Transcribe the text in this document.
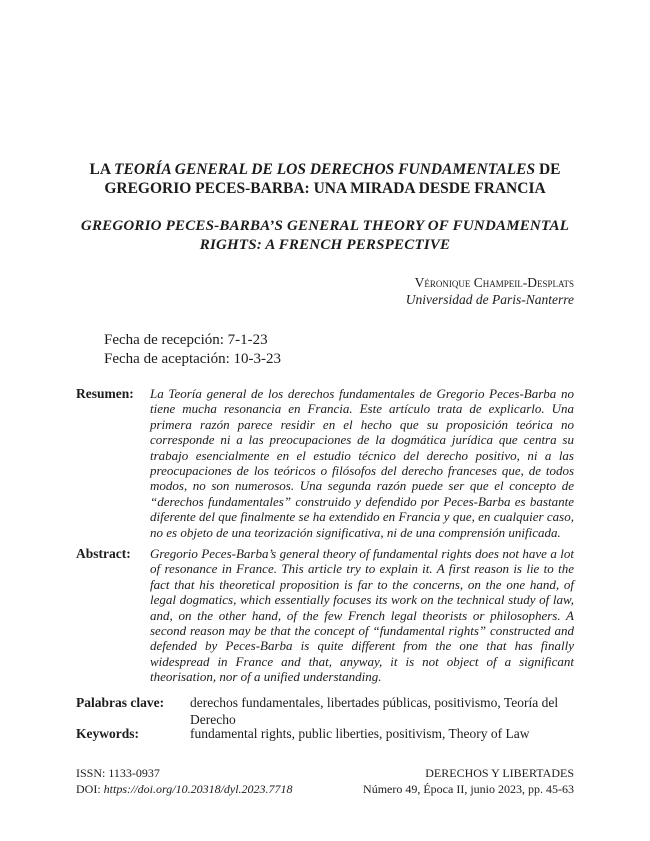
LA TEORÍA GENERAL DE LOS DERECHOS FUNDAMENTALES DE
GREGORIO PECES-BARBA: UNA MIRADA DESDE FRANCIA
GREGORIO PECES-BARBA’S GENERAL THEORY OF FUNDAMENTAL
RIGHTS: A FRENCH PERSPECTIVE
Véronique Champeil-Desplats
Universidad de Paris-Nanterre
Fecha de recepción: 7-1-23
Fecha de aceptación: 10-3-23
Resumen: La Teoría general de los derechos fundamentales de Gregorio Peces-Barba no tiene mucha resonancia en Francia. Este artículo trata de explicarlo. Una primera razón parece residir en el hecho que su proposición teórica no corresponde ni a las preocupaciones de la dogmática jurídica que centra su trabajo esencialmente en el estudio técnico del derecho positivo, ni a las preocupaciones de los teóricos o filósofos del derecho franceses que, de todos modos, no son numerosos. Una segunda razón puede ser que el concepto de “derechos fundamentales” construido y defendido por Peces-Barba es bastante diferente del que finalmente se ha extendido en Francia y que, en cualquier caso, no es objeto de una teorización significativa, ni de una comprensión unificada.

Abstract: Gregorio Peces-Barba’s general theory of fundamental rights does not have a lot of resonance in France. This article try to explain it. A first reason is lie to the fact that his theoretical proposition is far to the concerns, on the one hand, of legal dogmatics, which essentially focuses its work on the technical study of law, and, on the other hand, of the few French legal theorists or philosophers. A second reason may be that the concept of “fundamental rights” constructed and defended by Peces-Barba is quite different from the one that has finally widespread in France and that, anyway, it is not object of a significant theorisation, nor of a unified understanding.

Palabras clave: derechos fundamentales, libertades públicas, positivismo, Teoría del Derecho
Keywords:	fundamental rights, public liberties, positivism, Theory of Law
ISSN: 1133-0937
DOI: https://doi.org/10.20318/dyl.2023.7718
DERECHOS Y LIBERTADES
Número 49, Época II, junio 2023, pp. 45-63
